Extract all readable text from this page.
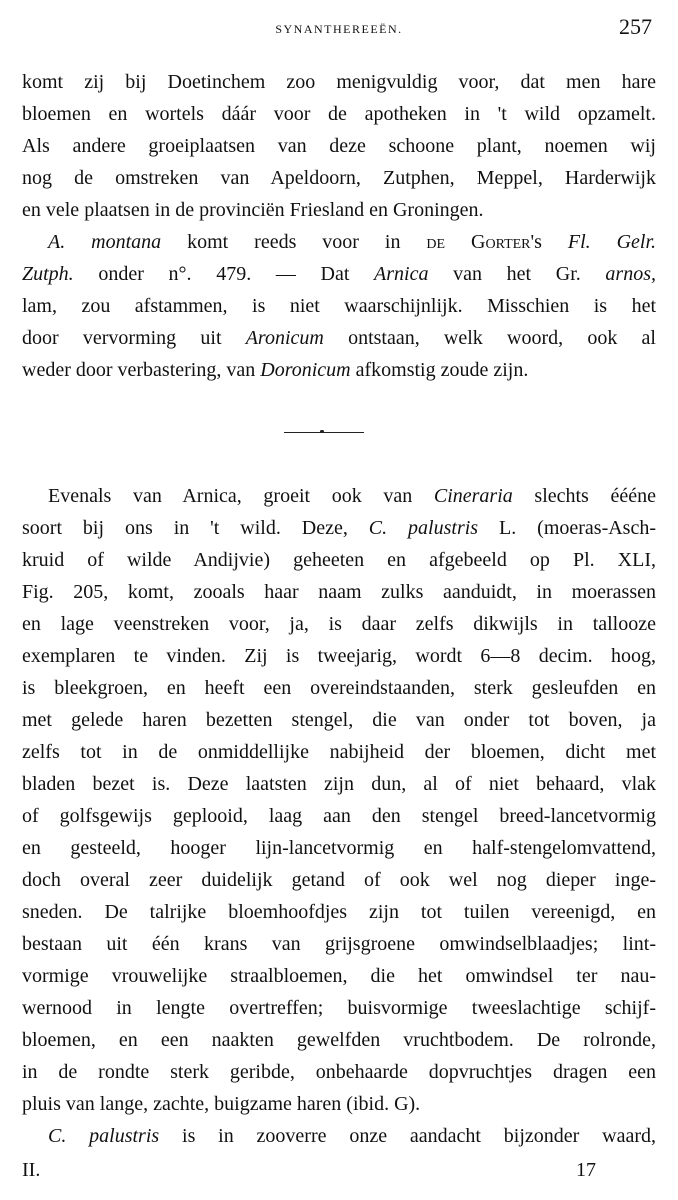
SYNANTHEREEËN.	257
komt zij bij Doetinchem zoo menigvuldig voor, dat men hare
bloemen en wortels dáár voor de apotheken in 't wild opzamelt.
Als andere groeiplaatsen van deze schoone plant, noemen wij
nog de omstreken van Apeldoorn, Zutphen, Meppel, Harderwijk
en vele plaatsen in de provinciën Friesland en Groningen.
A. montana komt reeds voor in de Gorter's Fl. Gelr.
Zutph. onder n°. 479. — Dat Arnica van het Gr. arnos,
lam, zou afstammen, is niet waarschijnlijk. Misschien is het
door vervorming uit Aronicum ontstaan, welk woord, ook al
weder door verbastering, van Doronicum afkomstig zoude zijn.
Evenals van Arnica, groeit ook van Cineraria slechts éééne
soort bij ons in 't wild. Deze, C. palustris L. (moeras-Asch-
kruid of wilde Andijvie) geheeten en afgebeeld op Pl. XLI,
Fig. 205, komt, zooals haar naam zulks aanduidt, in moerassen
en lage veenstreken voor, ja, is daar zelfs dikwijls in tallooze
exemplaren te vinden. Zij is tweejarig, wordt 6—8 decim. hoog,
is bleekgroen, en heeft een overeindstaanden, sterk gesleufden en
met gelede haren bezetten stengel, die van onder tot boven, ja
zelfs tot in de onmiddellijke nabijheid der bloemen, dicht met
bladen bezet is. Deze laatsten zijn dun, al of niet behaard, vlak
of golfsgewijs geplooid, laag aan den stengel breed-lancetvormig
en gesteeld, hooger lijn-lancetvormig en half-stengelomvattend,
doch overal zeer duidelijk getand of ook wel nog dieper inge-
sneden. De talrijke bloemhoofdjes zijn tot tuilen vereenigd, en
bestaan uit één krans van grijsgroene omwindselblaadjes; lint-
vormige vrouwelijke straalbloemen, die het omwindsel ter nau-
wernood in lengte overtreffen; buisvormige tweeslachtige schijf-
bloemen, en een naakten gewelfden vruchtbodem. De rolronde,
in de rondte sterk geribde, onbehaarde dopvruchtjes dragen een
pluis van lange, zachte, buigzame haren (ibid. G).
C. palustris is in zooverre onze aandacht bijzonder waard,
II.	17
